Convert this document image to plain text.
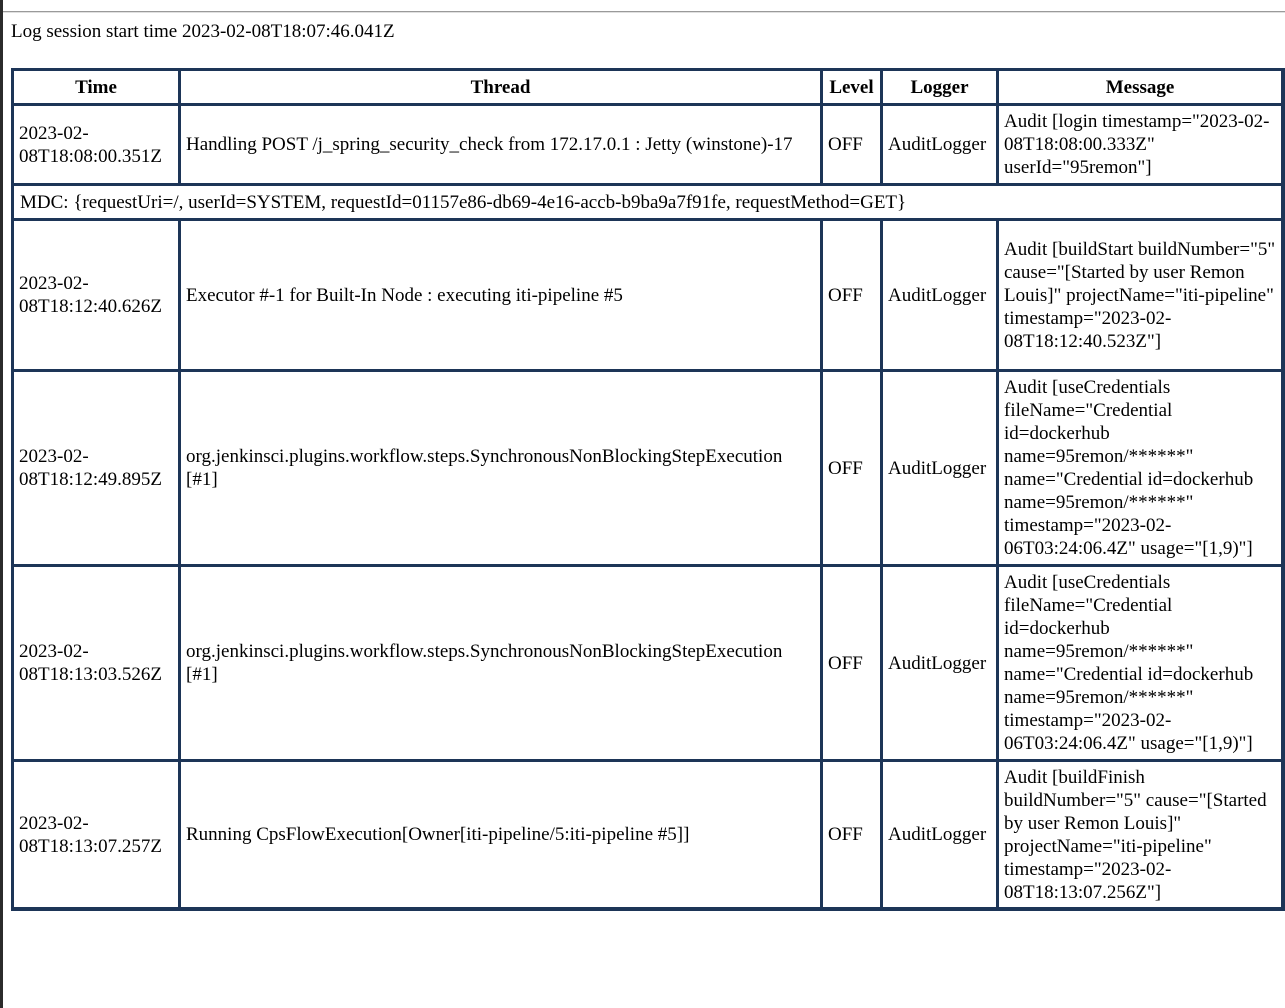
Log session start time 2023-02-08T18:07:46.041Z
Time	Thread	Level	Logger	Message
2023-02-08T18:08:00.351Z	Handling POST /j_spring_security_check from 172.17.0.1 : Jetty (winstone)-17	OFF	AuditLogger	Audit [login timestamp="2023-02-08T18:08:00.333Z" userId="95remon"]
MDC: {requestUri=/, userId=SYSTEM, requestId=01157e86-db69-4e16-accb-b9ba9a7f91fe, requestMethod=GET}				
2023-02-08T18:12:40.626Z	Executor #-1 for Built-In Node : executing iti-pipeline #5	OFF	AuditLogger	Audit [buildStart buildNumber="5" cause="[Started by user Remon Louis]" projectName="iti-pipeline" timestamp="2023-02-08T18:12:40.523Z"]
2023-02-08T18:12:49.895Z	org.jenkinsci.plugins.workflow.steps.SynchronousNonBlockingStepExecution [#1]	OFF	AuditLogger	Audit [useCredentials fileName="Credential id=dockerhub name=95remon/******" name="Credential id=dockerhub name=95remon/******" timestamp="2023-02-06T03:24:06.4Z" usage="[1,9)"]
2023-02-08T18:13:03.526Z	org.jenkinsci.plugins.workflow.steps.SynchronousNonBlockingStepExecution [#1]	OFF	AuditLogger	Audit [useCredentials fileName="Credential id=dockerhub name=95remon/******" name="Credential id=dockerhub name=95remon/******" timestamp="2023-02-06T03:24:06.4Z" usage="[1,9)"]
2023-02-08T18:13:07.257Z	Running CpsFlowExecution[Owner[iti-pipeline/5:iti-pipeline #5]]	OFF	AuditLogger	Audit [buildFinish buildNumber="5" cause="[Started by user Remon Louis]" projectName="iti-pipeline" timestamp="2023-02-08T18:13:07.256Z"]
